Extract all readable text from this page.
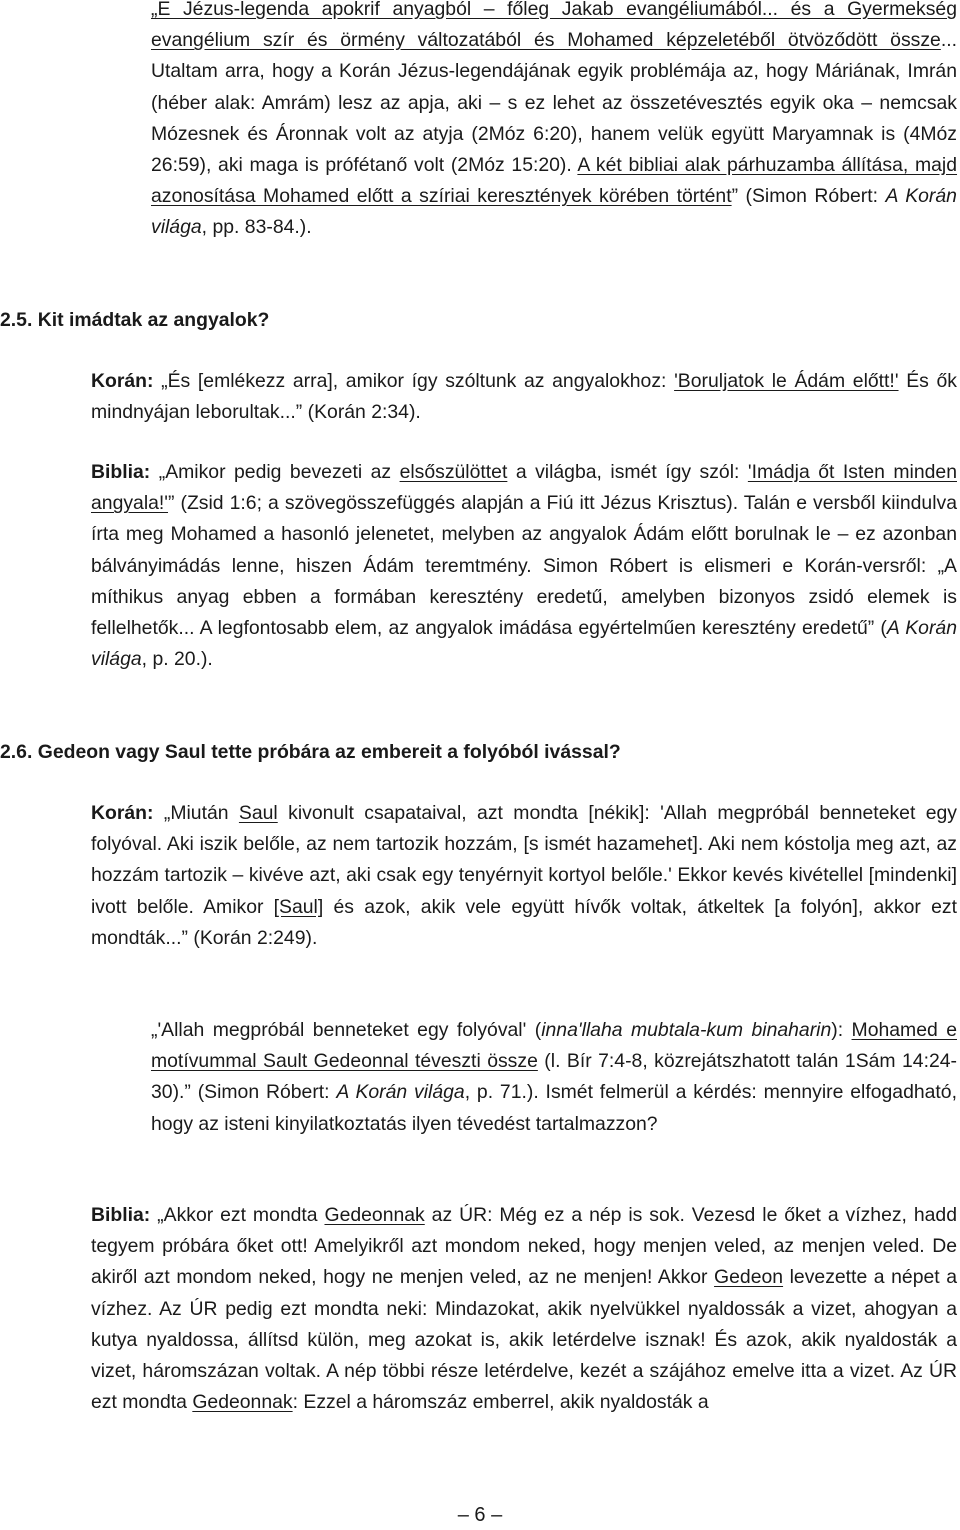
„E Jézus-legenda apokrif anyagból – főleg Jakab evangéliumából... és a Gyermekség evangélium szír és örmény változatából és Mohamed képzeletéből ötvöződött össze... Utaltam arra, hogy a Korán Jézus-legendájának egyik problémája az, hogy Máriának, Imrán (héber alak: Amrám) lesz az apja, aki – s ez lehet az összetévesztés egyik oka – nemcsak Mózesnek és Áronnak volt az atyja (2Móz 6:20), hanem velük együtt Maryamnak is (4Móz 26:59), aki maga is prófétanő volt (2Móz 15:20). A két bibliai alak párhuzamba állítása, majd azonosítása Mohamed előtt a szíriai keresztények körében történt” (Simon Róbert: A Korán világa, pp. 83-84.).

2.5. Kit imádtak az angyalok?

Korán: „És [emlékezz arra], amikor így szóltunk az angyalokhoz: 'Boruljatok le Ádám előtt!' És ők mindnyájan leborultak...” (Korán 2:34).

Biblia: „Amikor pedig bevezeti az elsőszülöttet a világba, ismét így szól: 'Imádja őt Isten minden angyala!'” (Zsid 1:6; a szövegösszefüggés alapján a Fiú itt Jézus Krisztus). Talán e versből kiindulva írta meg Mohamed a hasonló jelenetet, melyben az angyalok Ádám előtt borulnak le – ez azonban bálványimádás lenne, hiszen Ádám teremtmény. Simon Róbert is elismeri e Korán-versről: „A míthikus anyag ebben a formában keresztény eredetű, amelyben bizonyos zsidó elemek is fellelhetők... A legfontosabb elem, az angyalok imádása egyértelműen keresztény eredetű” (A Korán világa, p. 20.).

2.6. Gedeon vagy Saul tette próbára az embereit a folyóból ivással?

Korán: „Miután Saul kivonult csapataival, azt mondta [nékik]: 'Allah megpróbál benneteket egy folyóval. Aki iszik belőle, az nem tartozik hozzám, [s ismét hazamehet]. Aki nem kóstolja meg azt, az hozzám tartozik – kivéve azt, aki csak egy tenyérnyit kortyol belőle.' Ekkor kevés kivétellel [mindenki] ivott belőle. Amikor [Saul] és azok, akik vele együtt hívők voltak, átkeltek [a folyón], akkor ezt mondták...” (Korán 2:249).

„'Allah megpróbál benneteket egy folyóval' (inna'llaha mubtala-kum binaharin): Mohamed e motívummal Sault Gedeonnal téveszti össze (l. Bír 7:4-8, közrejátszhatott talán 1Sám 14:24-30).” (Simon Róbert: A Korán világa, p. 71.). Ismét felmerül a kérdés: mennyire elfogadható, hogy az isteni kinyilatkoztatás ilyen tévedést tartalmazzon?

Biblia: „Akkor ezt mondta Gedeonnak az ÚR: Még ez a nép is sok. Vezesd le őket a vízhez, hadd tegyem próbára őket ott! Amelyikről azt mondom neked, hogy menjen veled, az menjen veled. De akiről azt mondom neked, hogy ne menjen veled, az ne menjen! Akkor Gedeon levezette a népet a vízhez. Az ÚR pedig ezt mondta neki: Mindazokat, akik nyelvükkel nyaldossák a vizet, ahogyan a kutya nyaldossa, állítsd külön, meg azokat is, akik letérdelve isznak! És azok, akik nyaldosták a vizet, háromszázan voltak. A nép többi része letérdelve, kezét a szájához emelve itta a vizet. Az ÚR ezt mondta Gedeonnak: Ezzel a háromszáz emberrel, akik nyaldosták a

– 6 –
